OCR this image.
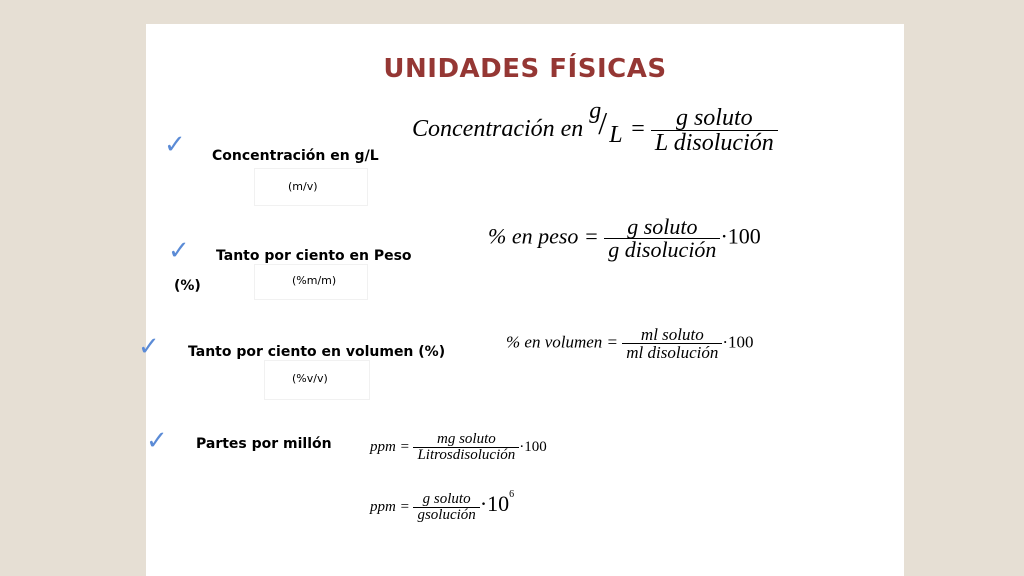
UNIDADES FÍSICAS
✓ Concentración en g/L
(m/v)
Concentración en
g
/ $L = \frac{\text{g soluto}}{\text{L disolución}}$
✓ Tanto por ciento en Peso
(%)	(%m/m)
% en peso = $\frac{\text{g soluto}}{\text{g disolución}} \cdot 100$
✓ Tanto por ciento en volumen (%)
(%v/v)
% en volumen = $\frac{\text{ml soluto}}{\text{ml disolución}} \cdot 100$
✓ Partes por millón	ppm = $\frac{\text{mg soluto}}{\text{Litrosdisolución}} \cdot 100$
ppm = $\frac{\text{g soluto}}{\text{gsolución}} \cdot 10^6$
